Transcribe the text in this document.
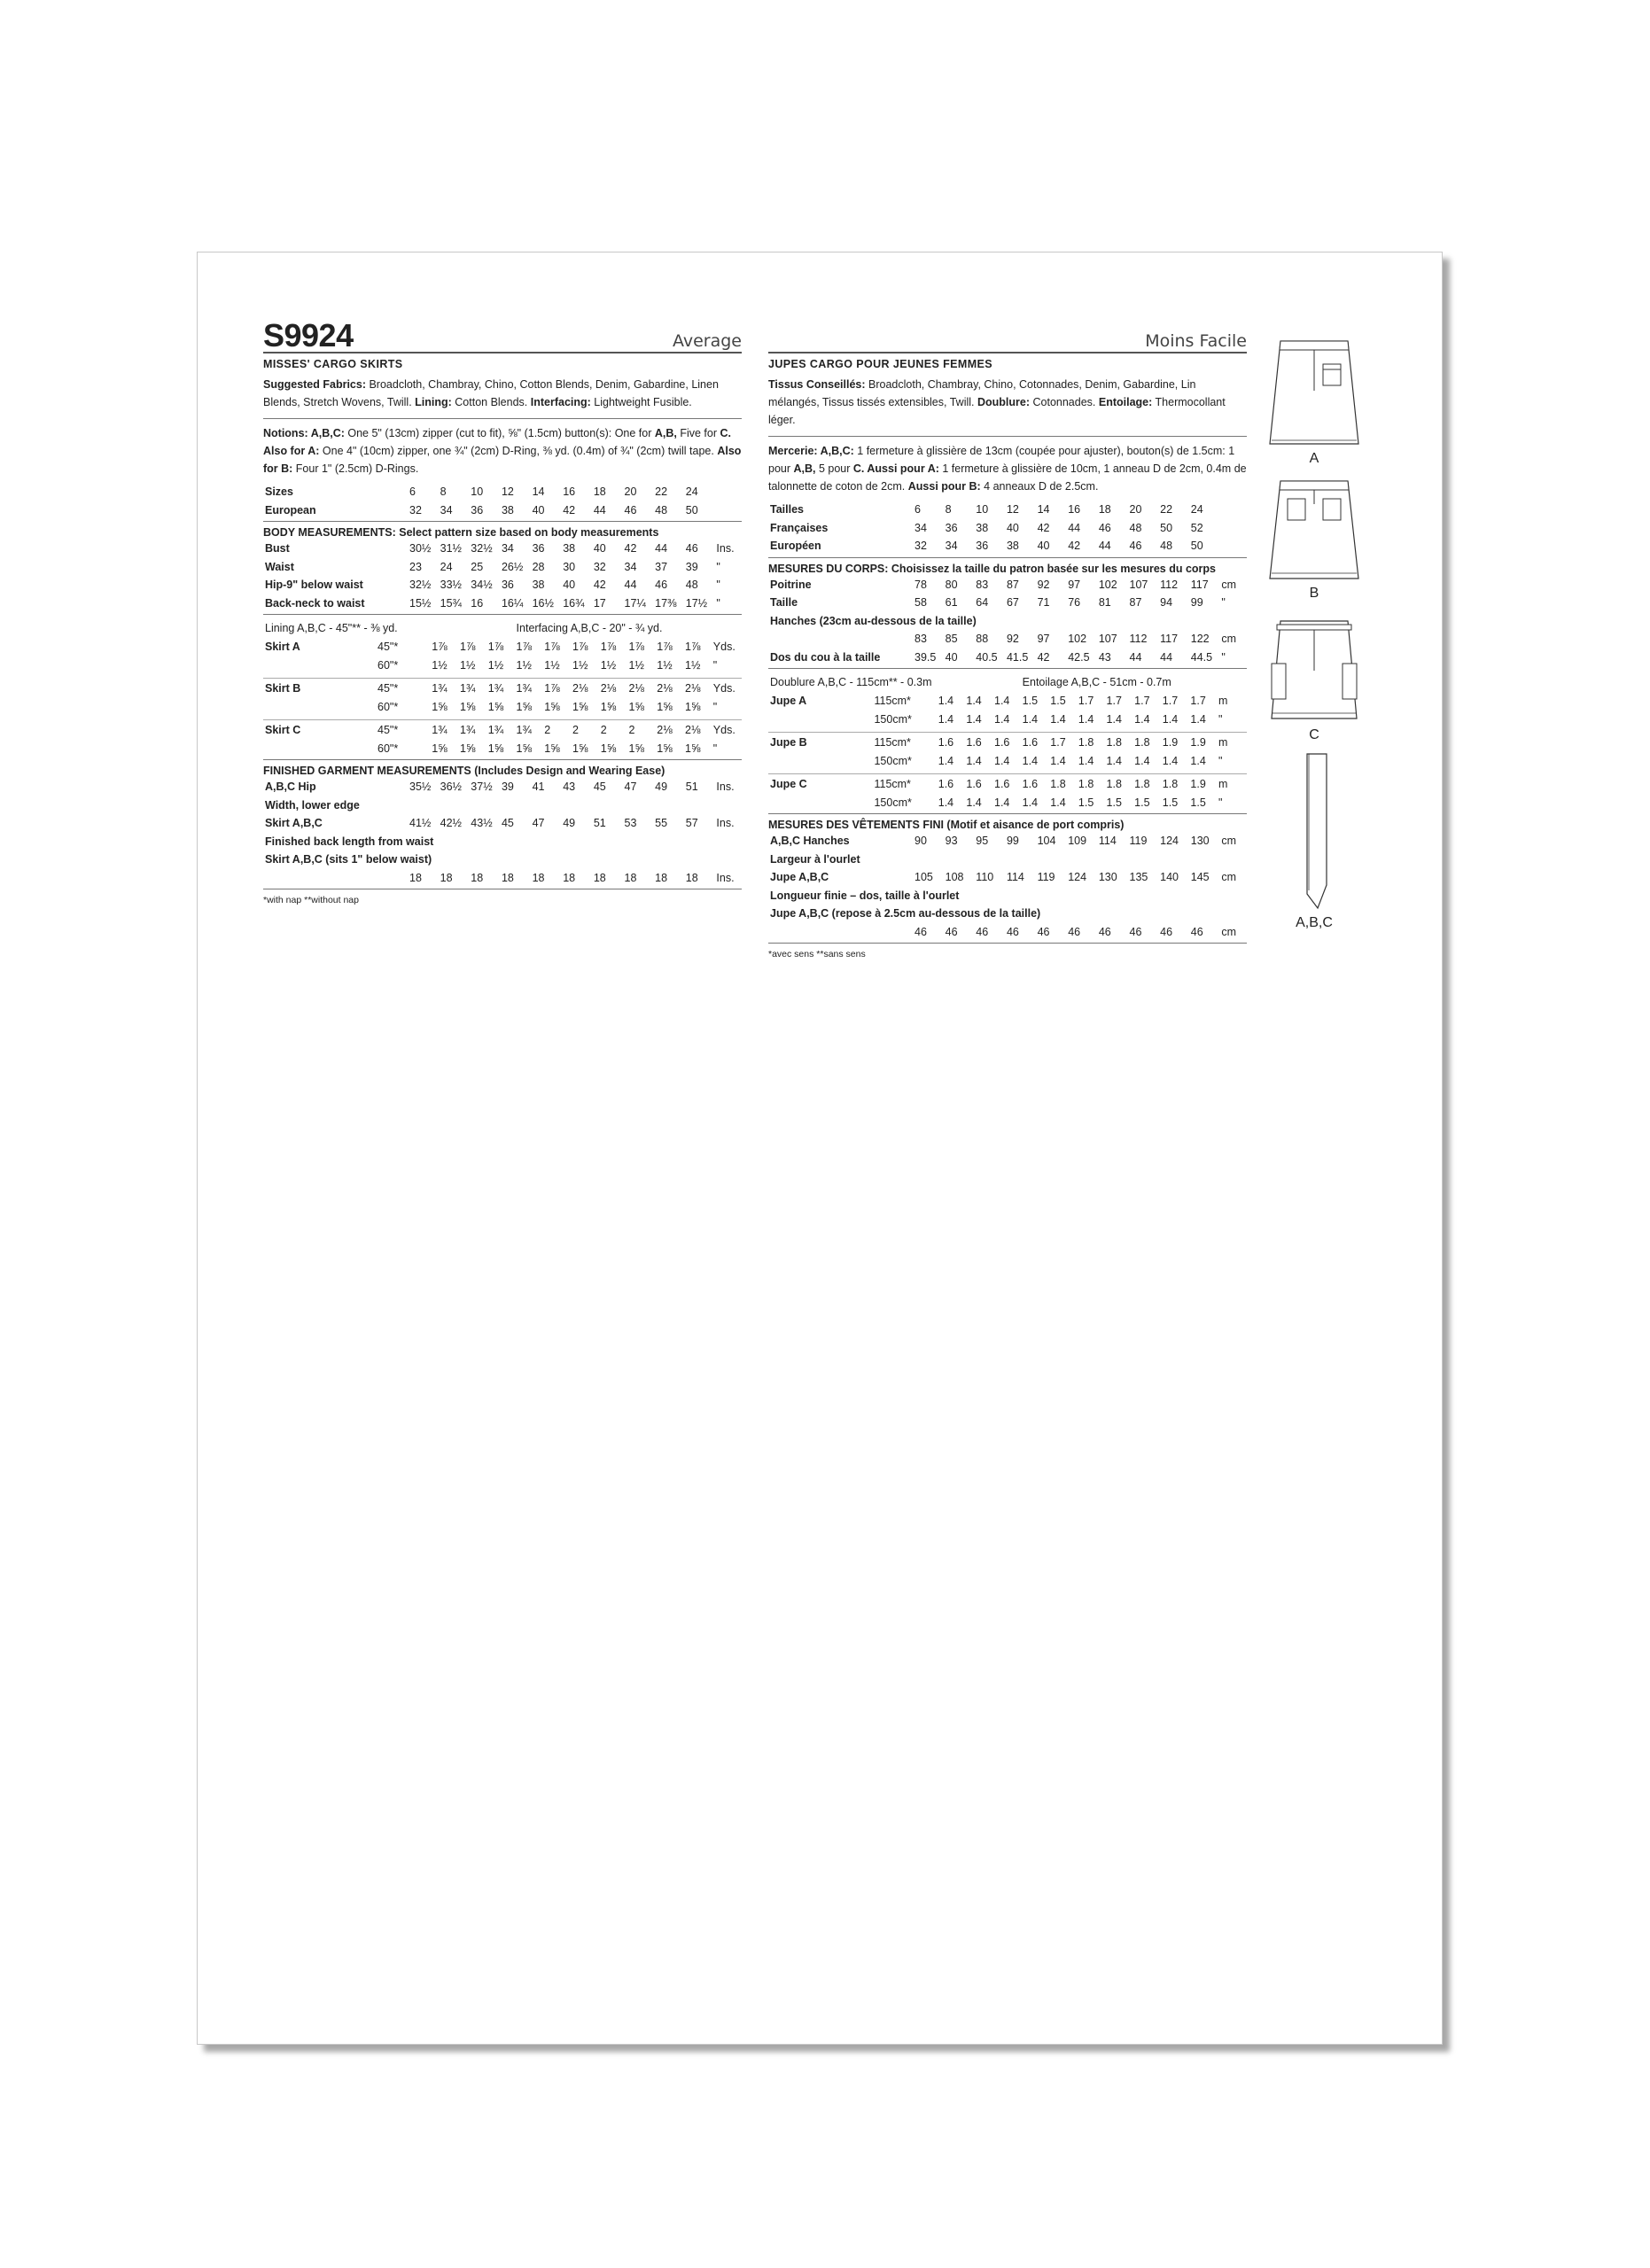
S9924	Average
MISSES' CARGO SKIRTS
Suggested Fabrics: Broadcloth, Chambray, Chino, Cotton Blends, Denim, Gabardine, Linen Blends, Stretch Wovens, Twill. Lining: Cotton Blends. Interfacing: Lightweight Fusible.
Notions: A,B,C: One 5" (13cm) zipper (cut to fit), ⅝" (1.5cm) button(s): One for A,B, Five for C. Also for A: One 4" (10cm) zipper, one ¾" (2cm) D-Ring, ⅜ yd. (0.4m) of ¾" (2cm) twill tape. Also for B: Four 1" (2.5cm) D-Rings.
Sizes	6	8	10	12	14	16	18	20	22	24	
European	32	34	36	38	40	42	44	46	48	50	
BODY MEASUREMENTS: Select pattern size based on body measurements
Bust	30½	31½	32½	34	36	38	40	42	44	46	Ins.
Waist	23	24	25	26½	28	30	32	34	37	39	"
Hip-9" below waist	32½	33½	34½	36	38	40	42	44	46	48	"
Back-neck to waist	15½	15¾	16	16¼	16½	16¾	17	17¼	17⅜	17½	"
Lining A,B,C - 45"** - ⅜ yd.					Interfacing A,B,C - 20" - ¾ yd.							
Skirt A	45"*	1⅞	1⅞	1⅞	1⅞	1⅞	1⅞	1⅞	1⅞	1⅞	1⅞	Yds.
	60"*	1½	1½	1½	1½	1½	1½	1½	1½	1½	1½	"

Skirt B	45"*	1¾	1¾	1¾	1¾	1⅞	2⅛	2⅛	2⅛	2⅛	2⅛	Yds.
	60"*	1⅝	1⅝	1⅝	1⅝	1⅝	1⅝	1⅝	1⅝	1⅝	1⅝	"

Skirt C	45"*	1¾	1¾	1¾	1¾	2	2	2	2	2⅛	2⅛	Yds.
	60"*	1⅝	1⅝	1⅝	1⅝	1⅝	1⅝	1⅝	1⅝	1⅝	1⅝	"
FINISHED GARMENT MEASUREMENTS (Includes Design and Wearing Ease)
A,B,C Hip	35½	36½	37½	39	41	43	45	47	49	51	Ins.
Width, lower edge											
Skirt A,B,C	41½	42½	43½	45	47	49	51	53	55	57	Ins.
Finished back length from waist											
Skirt A,B,C (sits 1" below waist)											
	18	18	18	18	18	18	18	18	18	18	Ins.
*with nap **without nap
Moins Facile
JUPES CARGO POUR JEUNES FEMMES
Tissus Conseillés: Broadcloth, Chambray, Chino, Cotonnades, Denim, Gabardine, Lin mélangés, Tissus tissés extensibles, Twill. Doublure: Cotonnades. Entoilage: Thermocollant léger.
Mercerie: A,B,C: 1 fermeture à glissière de 13cm (coupée pour ajuster), bouton(s) de 1.5cm: 1 pour A,B, 5 pour C. Aussi pour A: 1 fermeture à glissière de 10cm, 1 anneau D de 2cm, 0.4m de talonnette de coton de 2cm. Aussi pour B: 4 anneaux D de 2.5cm.
Tailles	6	8	10	12	14	16	18	20	22	24	
Françaises	34	36	38	40	42	44	46	48	50	52	
Européen	32	34	36	38	40	42	44	46	48	50	
MESURES DU CORPS: Choisissez la taille du patron basée sur les mesures du corps
Poitrine	78	80	83	87	92	97	102	107	112	117	cm
Taille	58	61	64	67	71	76	81	87	94	99	"
Hanches (23cm au-dessous de la taille)											
	83	85	88	92	97	102	107	112	117	122	cm
Dos du cou à la taille	39.5	40	40.5	41.5	42	42.5	43	44	44	44.5	"
Doublure A,B,C - 115cm** - 0.3m					Entoilage A,B,C - 51cm - 0.7m							
Jupe A	115cm*	1.4	1.4	1.4	1.5	1.5	1.7	1.7	1.7	1.7	1.7	m
	150cm*	1.4	1.4	1.4	1.4	1.4	1.4	1.4	1.4	1.4	1.4	"

Jupe B	115cm*	1.6	1.6	1.6	1.6	1.7	1.8	1.8	1.8	1.9	1.9	m
	150cm*	1.4	1.4	1.4	1.4	1.4	1.4	1.4	1.4	1.4	1.4	"

Jupe C	115cm*	1.6	1.6	1.6	1.6	1.8	1.8	1.8	1.8	1.8	1.9	m
	150cm*	1.4	1.4	1.4	1.4	1.4	1.5	1.5	1.5	1.5	1.5	"
MESURES DES VÊTEMENTS FINI (Motif et aisance de port compris)
A,B,C Hanches	90	93	95	99	104	109	114	119	124	130	cm
Largeur à l'ourlet											
Jupe A,B,C	105	108	110	114	119	124	130	135	140	145	cm
Longueur finie – dos, taille à l'ourlet											
Jupe A,B,C (repose à 2.5cm au-dessous de la taille)											
	46	46	46	46	46	46	46	46	46	46	cm
*avec sens **sans sens
A
B
C
A,B,C
